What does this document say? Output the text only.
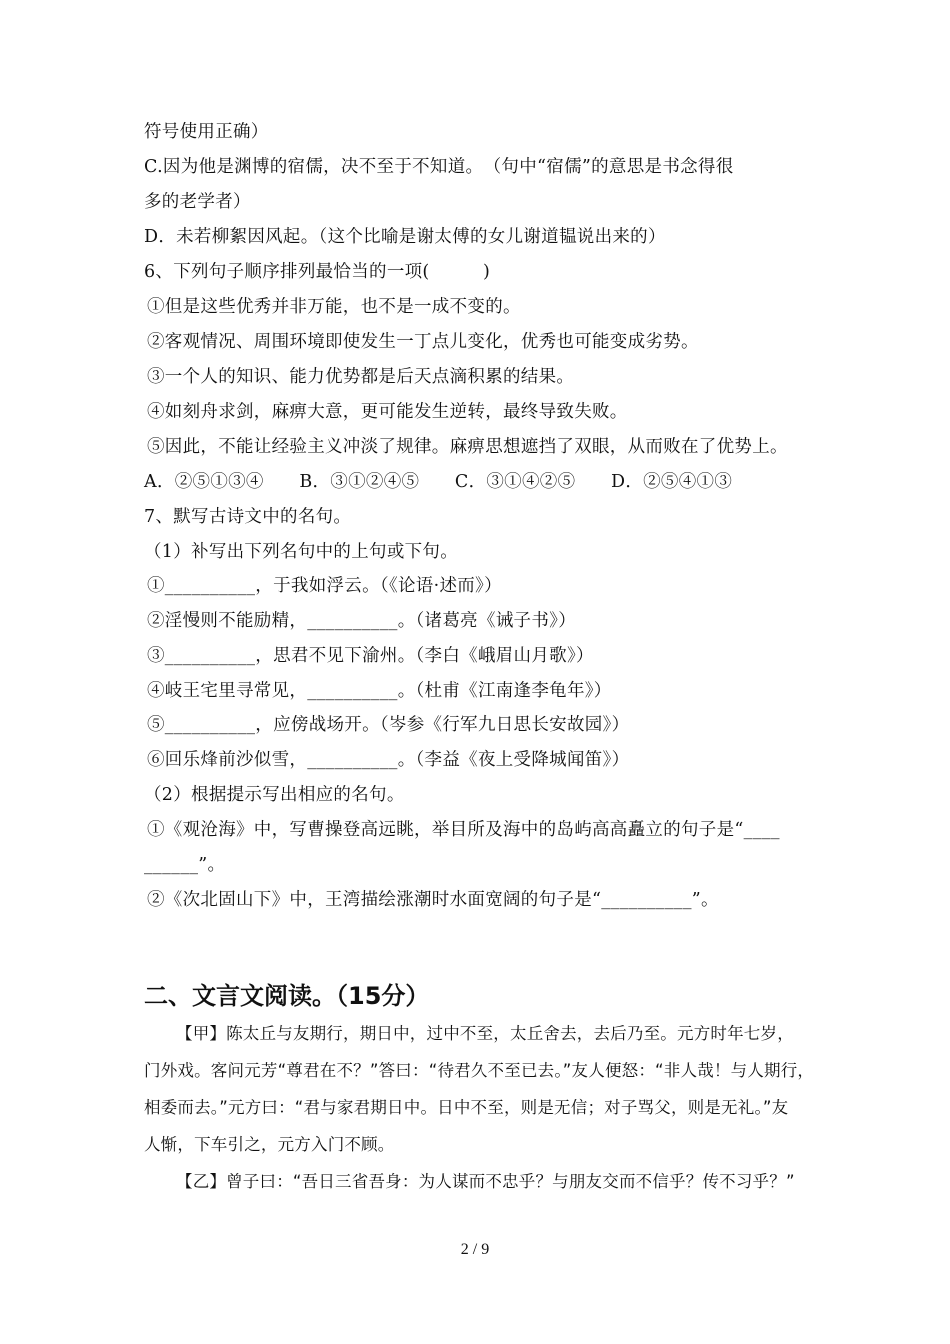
符号使用正确）
C.因为他是渊博的宿儒，决不至于不知道。　（句中“宿儒”的意思是书念得很
多的老学者）
D．未若柳絮因风起。（这个比喻是谢太傅的女儿谢道韫说出来的）
6、下列句子顺序排列最恰当的一项(　　　)
①但是这些优秀并非万能，也不是一成不变的。
②客观情况、周围环境即使发生一丁点儿变化，优秀也可能变成劣势。
③一个人的知识、能力优势都是后天点滴积累的结果。
④如刻舟求剑，麻痹大意，更可能发生逆转，最终导致失败。
⑤因此，不能让经验主义冲淡了规律。麻痹思想遮挡了双眼，从而败在了优势上。
A．②⑤①③④　　B．③①②④⑤　　C．③①④②⑤　　D．②⑤④①③
7、默写古诗文中的名句。
（1）补写出下列名句中的上句或下句。
①__________，于我如浮云。（《论语·述而》）
②淫慢则不能励精，__________。（诸葛亮《诫子书》）
③__________，思君不见下渝州。（李白《峨眉山月歌》）
④岐王宅里寻常见，__________。（杜甫《江南逢李龟年》）
⑤__________，应傍战场开。（岑参《行军九日思长安故园》）
⑥回乐烽前沙似雪，__________。（李益《夜上受降城闻笛》）
（2）根据提示写出相应的名句。
①《观沧海》中，写曹操登高远眺，举目所及海中的岛屿高高矗立的句子是“____
______”。
②《次北固山下》中，王湾描绘涨潮时水面宽阔的句子是“__________”。
二、文言文阅读。（15分）
【甲】陈太丘与友期行，期日中，过中不至，太丘舍去，去后乃至。元方时年七岁，
门外戏。客问元芳“尊君在不？”答曰：“待君久不至已去。”友人便怒：“非人哉！与人期行，
相委而去。”元方曰：“君与家君期日中。日中不至，则是无信；对子骂父，则是无礼。”友
人惭，下车引之，元方入门不顾。
【乙】曾子曰：“吾日三省吾身：为人谋而不忠乎？与朋友交而不信乎？传不习乎？”
2 / 9
